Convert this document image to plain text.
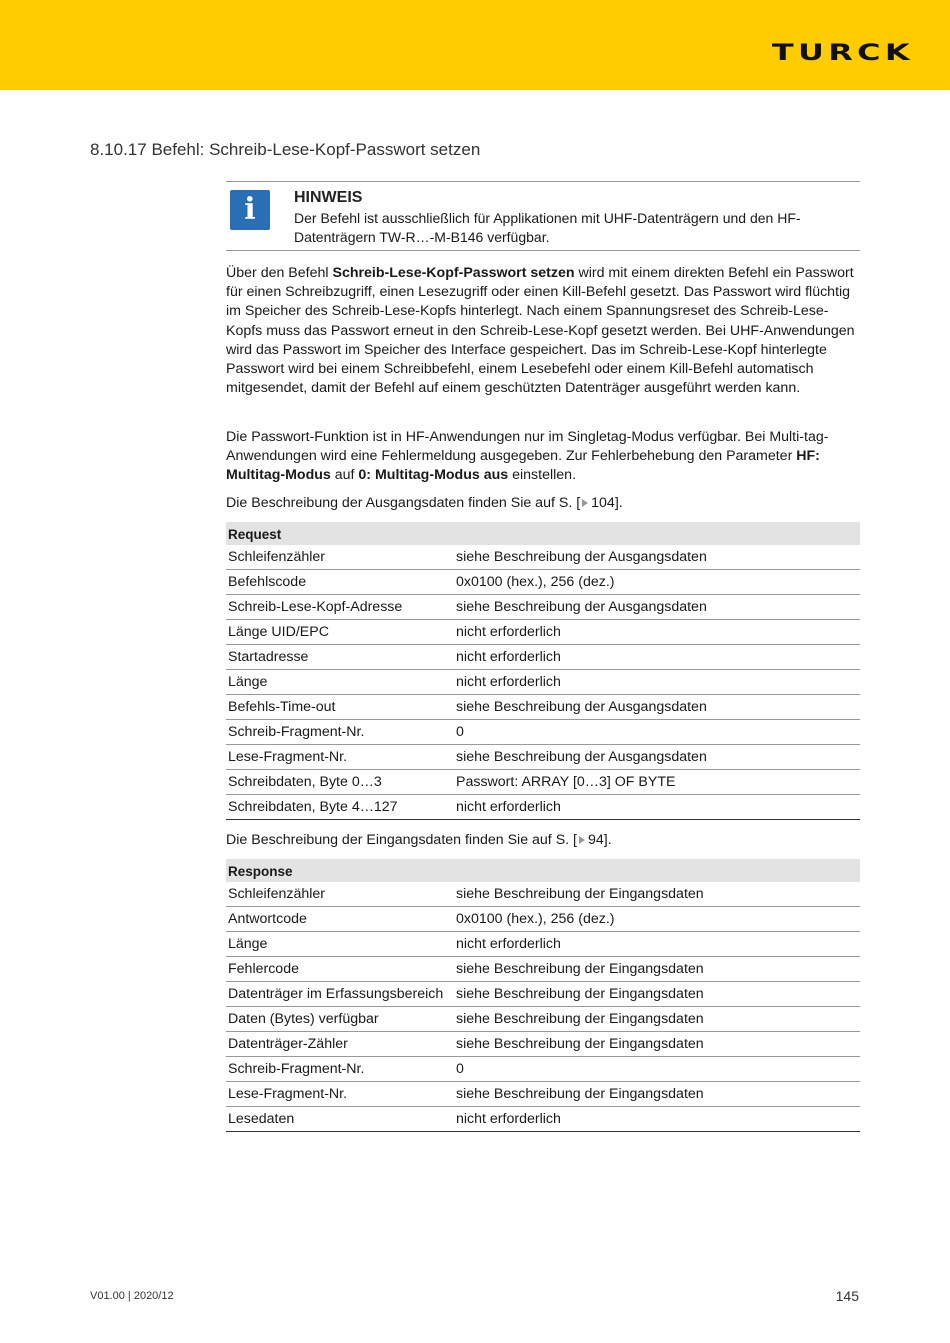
TURCK
8.10.17 Befehl: Schreib-Lese-Kopf-Passwort setzen
i HINWEIS
Der Befehl ist ausschließlich für Applikationen mit UHF-Datenträgern und den HF-Datenträgern TW-R…-M-B146 verfügbar.
Über den Befehl Schreib-Lese-Kopf-Passwort setzen wird mit einem direkten Befehl ein Passwort für einen Schreibzugriff, einen Lesezugriff oder einen Kill-Befehl gesetzt. Das Passwort wird flüchtig im Speicher des Schreib-Lese-Kopfs hinterlegt. Nach einem Spannungsreset des Schreib-Lese-Kopfs muss das Passwort erneut in den Schreib-Lese-Kopf gesetzt werden. Bei UHF-Anwendungen wird das Passwort im Speicher des Interface gespeichert. Das im Schreib-Lese-Kopf hinterlegte Passwort wird bei einem Schreibbefehl, einem Lesebefehl oder einem Kill-Befehl automatisch mitgesendet, damit der Befehl auf einem geschützten Datenträger ausgeführt werden kann.
Die Passwort-Funktion ist in HF-Anwendungen nur im Singletag-Modus verfügbar. Bei Multi-tag-Anwendungen wird eine Fehlermeldung ausgegeben. Zur Fehlerbehebung den Parameter HF: Multitag-Modus auf 0: Multitag-Modus aus einstellen.
Die Beschreibung der Ausgangsdaten finden Sie auf S. [ 104].
Request	
Schleifenzähler	siehe Beschreibung der Ausgangsdaten
Befehlscode	0x0100 (hex.), 256 (dez.)
Schreib-Lese-Kopf-Adresse	siehe Beschreibung der Ausgangsdaten
Länge UID/EPC	nicht erforderlich
Startadresse	nicht erforderlich
Länge	nicht erforderlich
Befehls-Time-out	siehe Beschreibung der Ausgangsdaten
Schreib-Fragment-Nr.	0
Lese-Fragment-Nr.	siehe Beschreibung der Ausgangsdaten
Schreibdaten, Byte 0…3	Passwort: ARRAY [0…3] OF BYTE
Schreibdaten, Byte 4…127	nicht erforderlich
Die Beschreibung der Eingangsdaten finden Sie auf S. [ 94].
Response	
Schleifenzähler	siehe Beschreibung der Eingangsdaten
Antwortcode	0x0100 (hex.), 256 (dez.)
Länge	nicht erforderlich
Fehlercode	siehe Beschreibung der Eingangsdaten
Datenträger im Erfassungsbereich	siehe Beschreibung der Eingangsdaten
Daten (Bytes) verfügbar	siehe Beschreibung der Eingangsdaten
Datenträger-Zähler	siehe Beschreibung der Eingangsdaten
Schreib-Fragment-Nr.	0
Lese-Fragment-Nr.	siehe Beschreibung der Eingangsdaten
Lesedaten	nicht erforderlich
V01.00 | 2020/12	145
